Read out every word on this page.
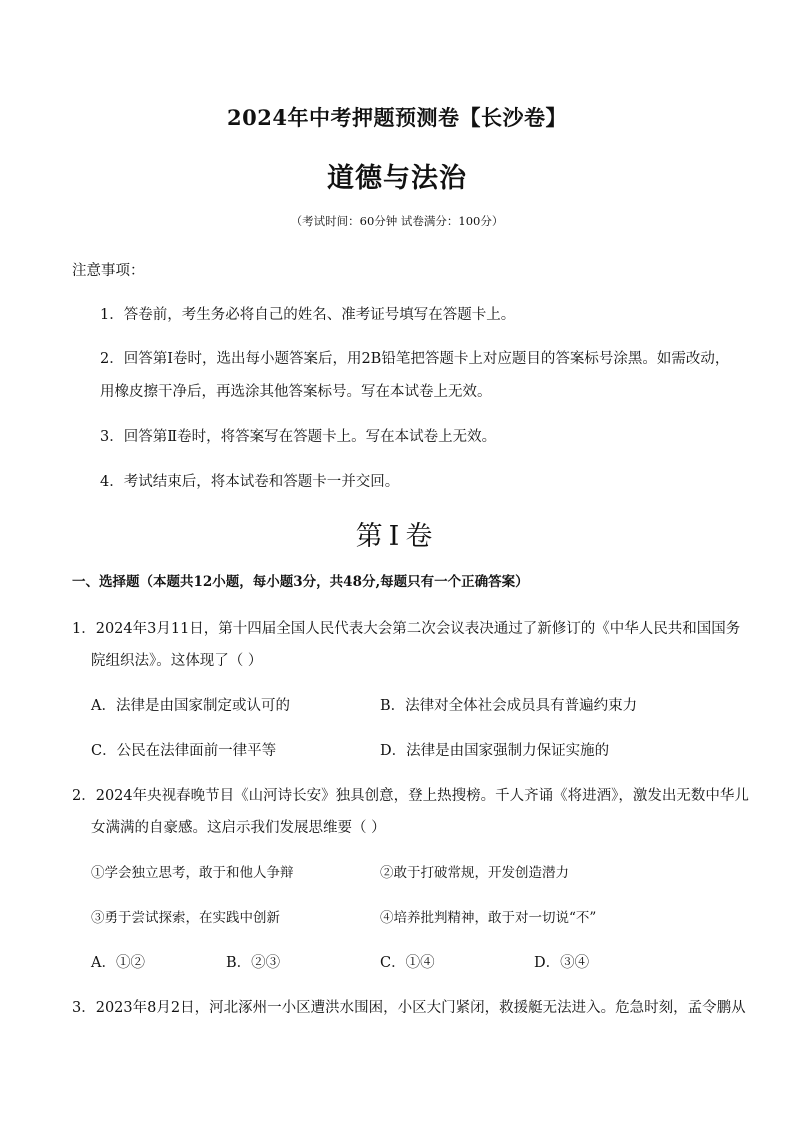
2024年中考押题预测卷【长沙卷】
道德与法治
（考试时间：60分钟 试卷满分：100分）
注意事项：
1．答卷前，考生务必将自己的姓名、准考证号填写在答题卡上。
2．回答第Ⅰ卷时，选出每小题答案后，用2B铅笔把答题卡上对应题目的答案标号涂黑。如需改动，
用橡皮擦干净后，再选涂其他答案标号。写在本试卷上无效。
3．回答第Ⅱ卷时，将答案写在答题卡上。写在本试卷上无效。
4．考试结束后，将本试卷和答题卡一并交回。
第Ⅰ卷
一、选择题（本题共12小题，每小题3分，共48分,每题只有一个正确答案）
1．2024年3月11日，第十四届全国人民代表大会第二次会议表决通过了新修订的《中华人民共和国国务
院组织法》。这体现了（ ）
A．法律是由国家制定或认可的	B．法律对全体社会成员具有普遍约束力
C．公民在法律面前一律平等	D．法律是由国家强制力保证实施的
2．2024年央视春晚节目《山河诗长安》独具创意，登上热搜榜。千人齐诵《将进酒》，激发出无数中华儿
女满满的自豪感。这启示我们发展思维要（ ）
①学会独立思考，敢于和他人争辩	②敢于打破常规，开发创造潜力
③勇于尝试探索，在实践中创新	④培养批判精神，敢于对一切说“不”
A．①②	B．②③	C．①④	D．③④
3．2023年8月2日，河北涿州一小区遭洪水围困，小区大门紧闭，救援艇无法进入。危急时刻，孟令鹏从
